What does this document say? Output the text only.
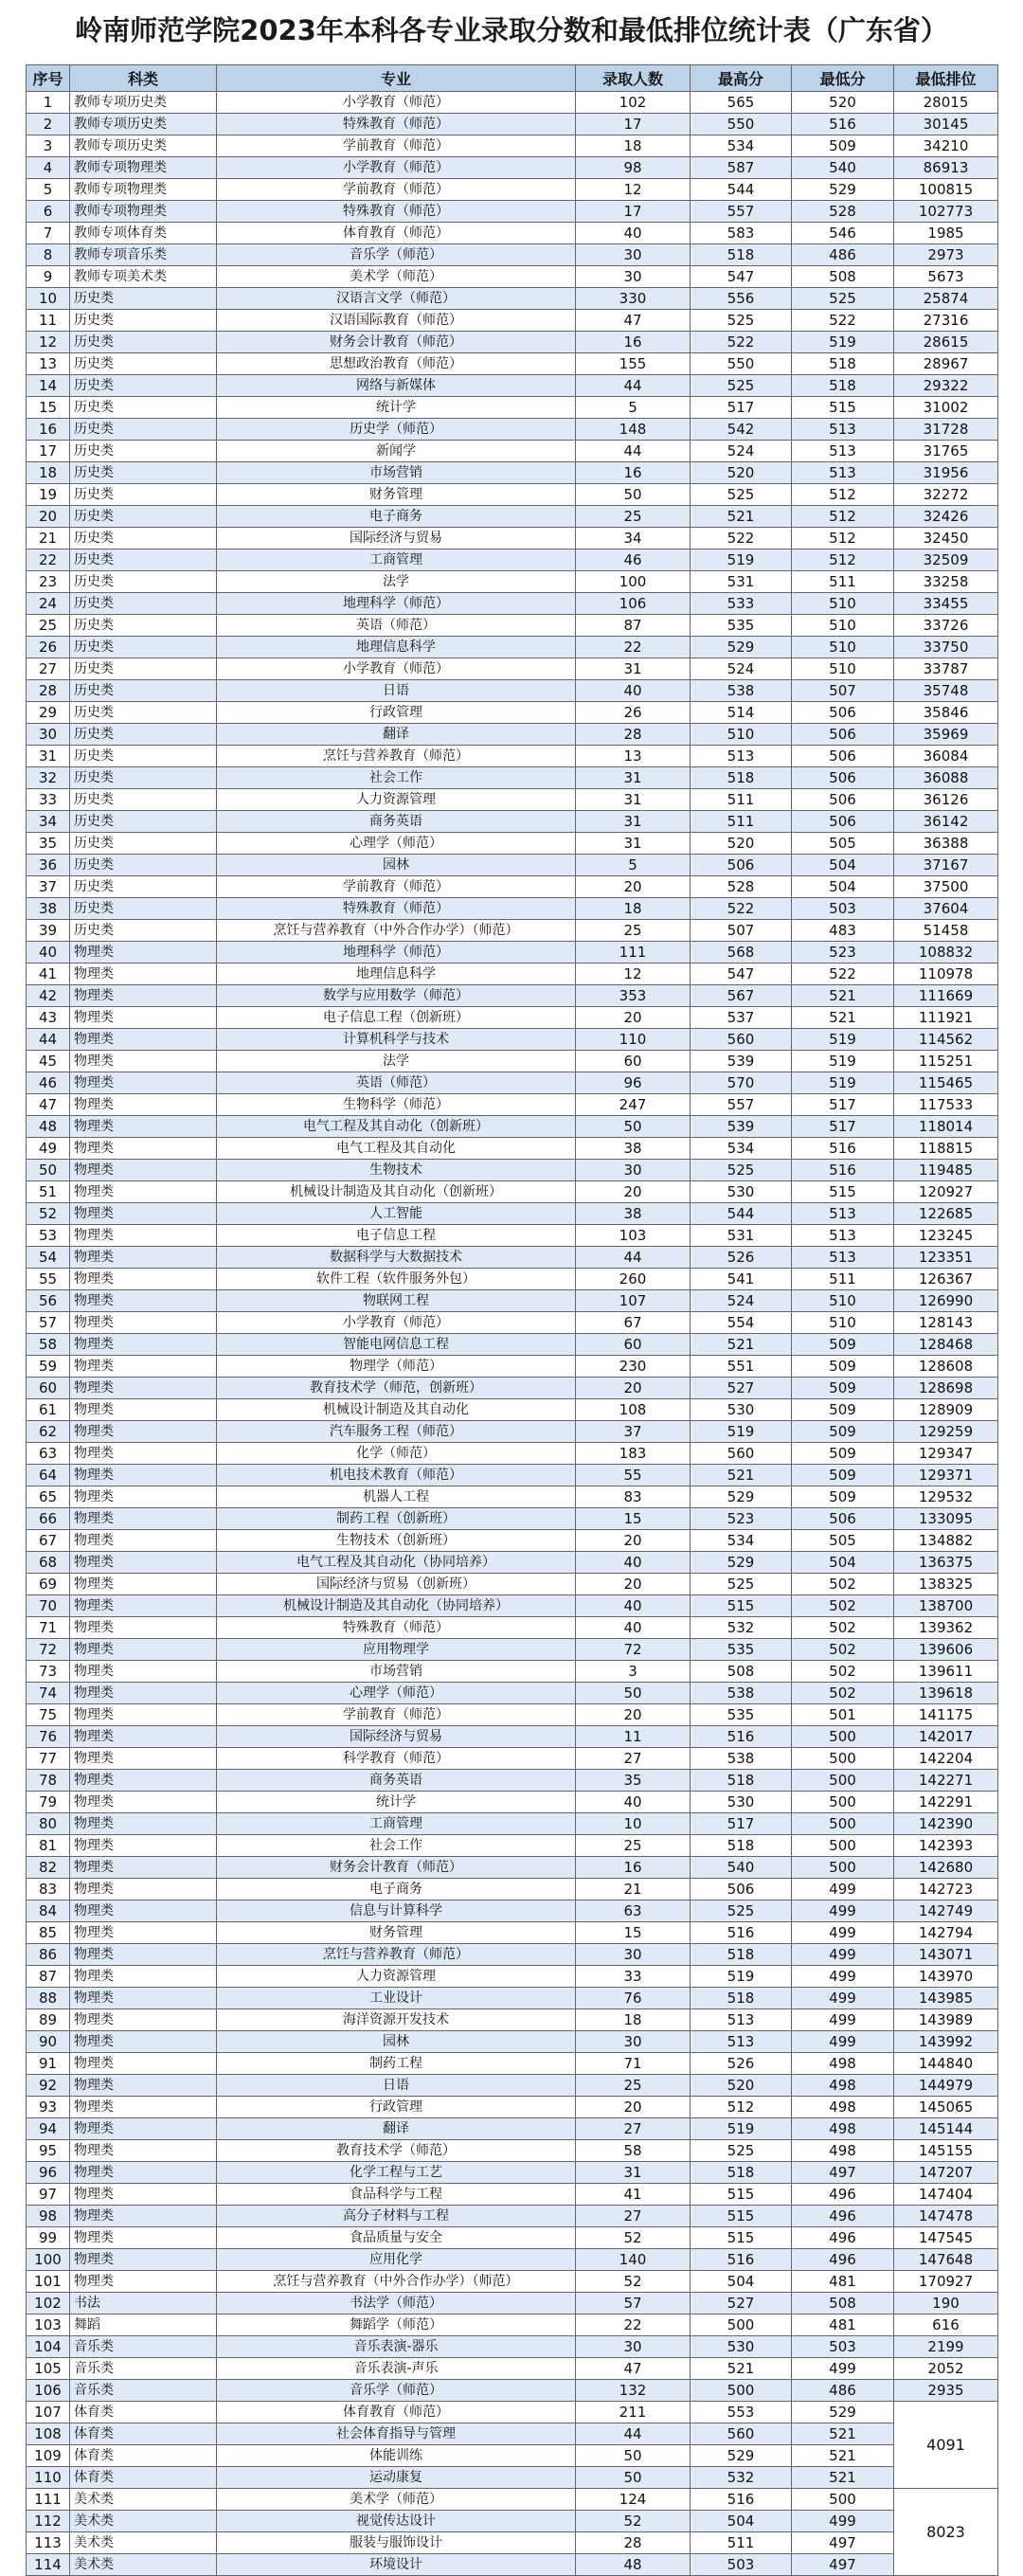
岭南师范学院2023年本科各专业录取分数和最低排位统计表（广东省）
序号	科类	专业	录取人数	最高分	最低分	最低排位
1	教师专项历史类	小学教育（师范）	102	565	520	28015
2	教师专项历史类	特殊教育（师范）	17	550	516	30145
3	教师专项历史类	学前教育（师范）	18	534	509	34210
4	教师专项物理类	小学教育（师范）	98	587	540	86913
5	教师专项物理类	学前教育（师范）	12	544	529	100815
6	教师专项物理类	特殊教育（师范）	17	557	528	102773
7	教师专项体育类	体育教育（师范）	40	583	546	1985
8	教师专项音乐类	音乐学（师范）	30	518	486	2973
9	教师专项美术类	美术学（师范）	30	547	508	5673
10	历史类	汉语言文学（师范）	330	556	525	25874
11	历史类	汉语国际教育（师范）	47	525	522	27316
12	历史类	财务会计教育（师范）	16	522	519	28615
13	历史类	思想政治教育（师范）	155	550	518	28967
14	历史类	网络与新媒体	44	525	518	29322
15	历史类	统计学	5	517	515	31002
16	历史类	历史学（师范）	148	542	513	31728
17	历史类	新闻学	44	524	513	31765
18	历史类	市场营销	16	520	513	31956
19	历史类	财务管理	50	525	512	32272
20	历史类	电子商务	25	521	512	32426
21	历史类	国际经济与贸易	34	522	512	32450
22	历史类	工商管理	46	519	512	32509
23	历史类	法学	100	531	511	33258
24	历史类	地理科学（师范）	106	533	510	33455
25	历史类	英语（师范）	87	535	510	33726
26	历史类	地理信息科学	22	529	510	33750
27	历史类	小学教育（师范）	31	524	510	33787
28	历史类	日语	40	538	507	35748
29	历史类	行政管理	26	514	506	35846
30	历史类	翻译	28	510	506	35969
31	历史类	烹饪与营养教育（师范）	13	513	506	36084
32	历史类	社会工作	31	518	506	36088
33	历史类	人力资源管理	31	511	506	36126
34	历史类	商务英语	31	511	506	36142
35	历史类	心理学（师范）	31	520	505	36388
36	历史类	园林	5	506	504	37167
37	历史类	学前教育（师范）	20	528	504	37500
38	历史类	特殊教育（师范）	18	522	503	37604
39	历史类	烹饪与营养教育（中外合作办学）（师范）	25	507	483	51458
40	物理类	地理科学（师范）	111	568	523	108832
41	物理类	地理信息科学	12	547	522	110978
42	物理类	数学与应用数学（师范）	353	567	521	111669
43	物理类	电子信息工程（创新班）	20	537	521	111921
44	物理类	计算机科学与技术	110	560	519	114562
45	物理类	法学	60	539	519	115251
46	物理类	英语（师范）	96	570	519	115465
47	物理类	生物科学（师范）	247	557	517	117533
48	物理类	电气工程及其自动化（创新班）	50	539	517	118014
49	物理类	电气工程及其自动化	38	534	516	118815
50	物理类	生物技术	30	525	516	119485
51	物理类	机械设计制造及其自动化（创新班）	20	530	515	120927
52	物理类	人工智能	38	544	513	122685
53	物理类	电子信息工程	103	531	513	123245
54	物理类	数据科学与大数据技术	44	526	513	123351
55	物理类	软件工程（软件服务外包）	260	541	511	126367
56	物理类	物联网工程	107	524	510	126990
57	物理类	小学教育（师范）	67	554	510	128143
58	物理类	智能电网信息工程	60	521	509	128468
59	物理类	物理学（师范）	230	551	509	128608
60	物理类	教育技术学（师范，创新班）	20	527	509	128698
61	物理类	机械设计制造及其自动化	108	530	509	128909
62	物理类	汽车服务工程（师范）	37	519	509	129259
63	物理类	化学（师范）	183	560	509	129347
64	物理类	机电技术教育（师范）	55	521	509	129371
65	物理类	机器人工程	83	529	509	129532
66	物理类	制药工程（创新班）	15	523	506	133095
67	物理类	生物技术（创新班）	20	534	505	134882
68	物理类	电气工程及其自动化（协同培养）	40	529	504	136375
69	物理类	国际经济与贸易（创新班）	20	525	502	138325
70	物理类	机械设计制造及其自动化（协同培养）	40	515	502	138700
71	物理类	特殊教育（师范）	40	532	502	139362
72	物理类	应用物理学	72	535	502	139606
73	物理类	市场营销	3	508	502	139611
74	物理类	心理学（师范）	50	538	502	139618
75	物理类	学前教育（师范）	20	535	501	141175
76	物理类	国际经济与贸易	11	516	500	142017
77	物理类	科学教育（师范）	27	538	500	142204
78	物理类	商务英语	35	518	500	142271
79	物理类	统计学	40	530	500	142291
80	物理类	工商管理	10	517	500	142390
81	物理类	社会工作	25	518	500	142393
82	物理类	财务会计教育（师范）	16	540	500	142680
83	物理类	电子商务	21	506	499	142723
84	物理类	信息与计算科学	63	525	499	142749
85	物理类	财务管理	15	516	499	142794
86	物理类	烹饪与营养教育（师范）	30	518	499	143071
87	物理类	人力资源管理	33	519	499	143970
88	物理类	工业设计	76	518	499	143985
89	物理类	海洋资源开发技术	18	513	499	143989
90	物理类	园林	30	513	499	143992
91	物理类	制药工程	71	526	498	144840
92	物理类	日语	25	520	498	144979
93	物理类	行政管理	20	512	498	145065
94	物理类	翻译	27	519	498	145144
95	物理类	教育技术学（师范）	58	525	498	145155
96	物理类	化学工程与工艺	31	518	497	147207
97	物理类	食品科学与工程	41	515	496	147404
98	物理类	高分子材料与工程	27	515	496	147478
99	物理类	食品质量与安全	52	515	496	147545
100	物理类	应用化学	140	516	496	147648
101	物理类	烹饪与营养教育（中外合作办学）（师范）	52	504	481	170927
102	书法	书法学（师范）	57	527	508	190
103	舞蹈	舞蹈学（师范）	22	500	481	616
104	音乐类	音乐表演-器乐	30	530	503	2199
105	音乐类	音乐表演-声乐	47	521	499	2052
106	音乐类	音乐学（师范）	132	500	486	2935
107	体育类	体育教育（师范）	211	553	529	4091
108	体育类	社会体育指导与管理	44	560	521	
109	体育类	体能训练	50	529	521	
110	体育类	运动康复	50	532	521	
111	美术类	美术学（师范）	124	516	500	8023
112	美术类	视觉传达设计	52	504	499	
113	美术类	服装与服饰设计	28	511	497	
114	美术类	环境设计	48	503	497	
